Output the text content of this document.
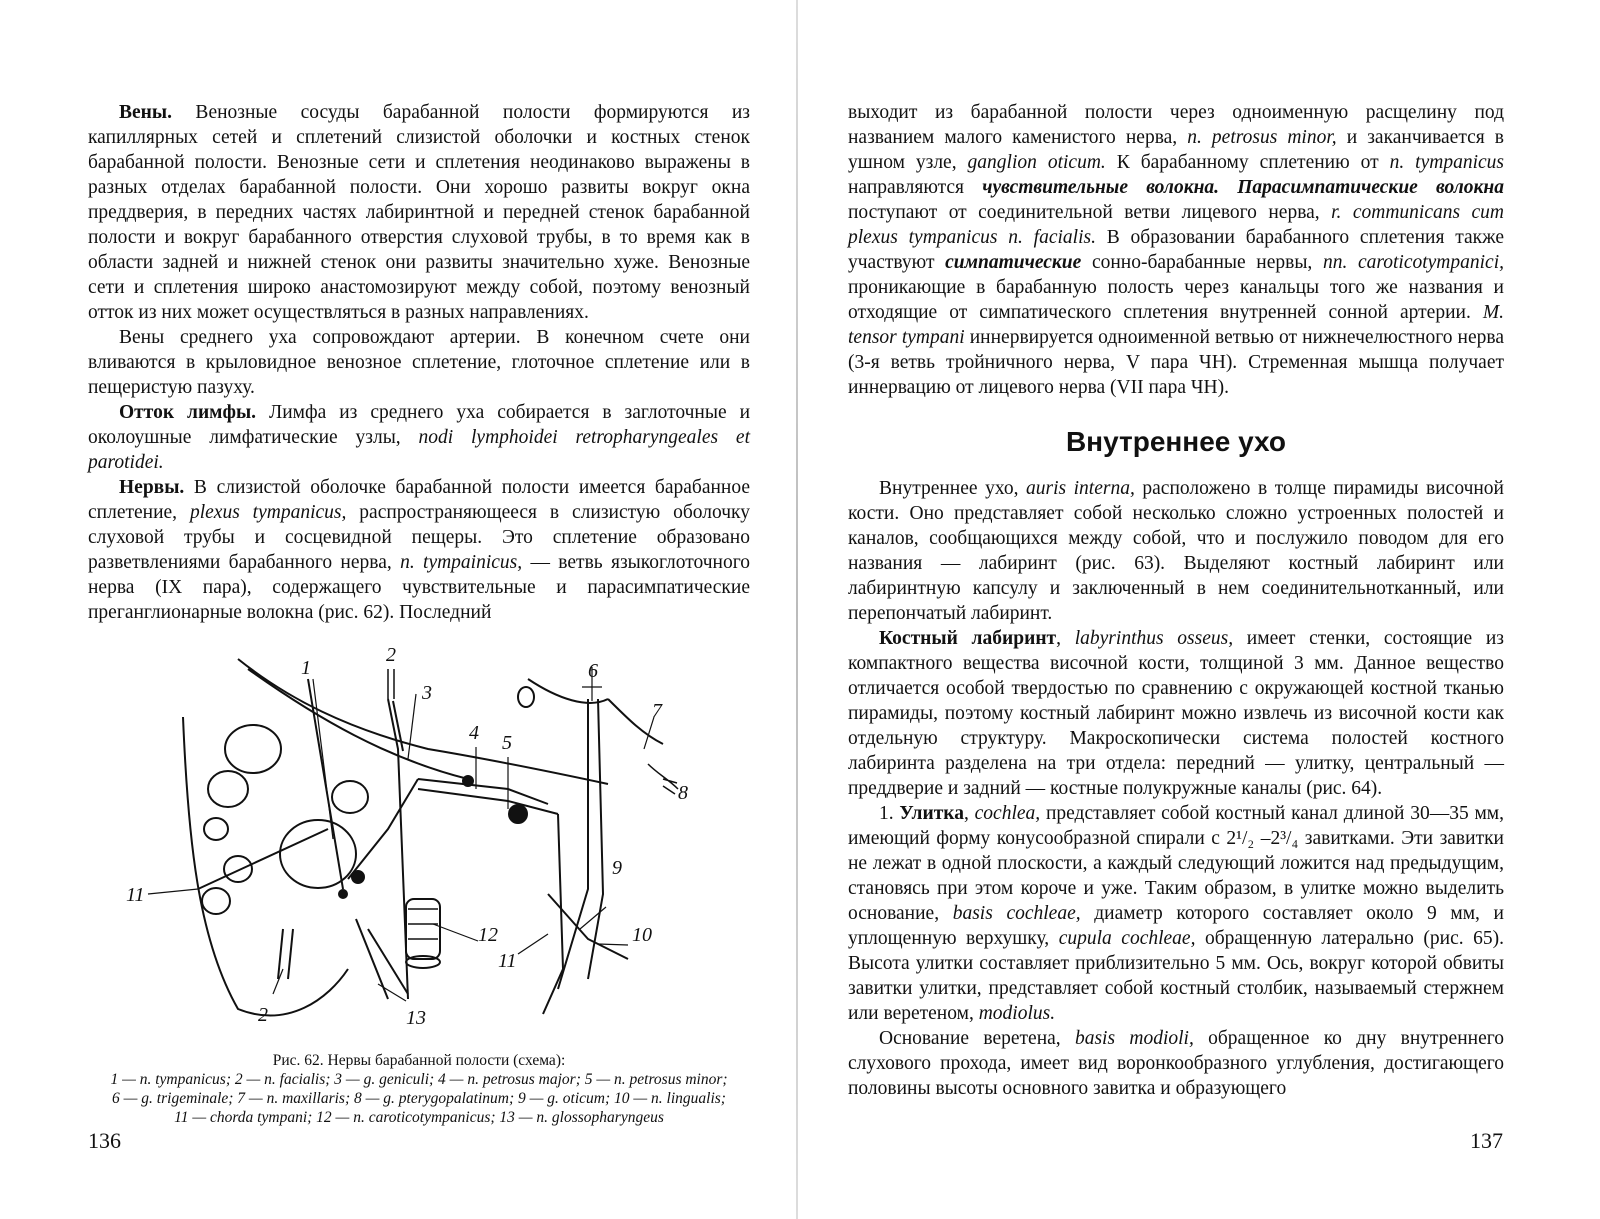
Вены. Венозные сосуды барабанной полости формируются из капиллярных сетей и сплетений слизистой оболочки и костных стенок барабанной полости. Венозные сети и сплетения неодинаково выражены в разных отделах барабанной полости. Они хорошо развиты вокруг окна преддверия, в передних частях лабиринтной и передней стенок барабанной полости и вокруг барабанного отверстия слуховой трубы, в то время как в области задней и нижней стенок они развиты значительно хуже. Венозные сети и сплетения широко анастомозируют между собой, поэтому венозный отток из них может осуществляться в разных направлениях.

Вены среднего уха сопровождают артерии. В конечном счете они вливаются в крыловидное венозное сплетение, глоточное сплетение или в пещеристую пазуху.

Отток лимфы. Лимфа из среднего уха собирается в заглоточные и околоушные лимфатические узлы, nodi lymphoidei retropharyngeales et parotidei.

Нервы. В слизистой оболочке барабанной полости имеется барабанное сплетение, plexus tympanicus, распространяющееся в слизистую оболочку слуховой трубы и сосцевидной пещеры. Это сплетение образовано разветвлениями барабанного нерва, n. tympainicus, — ветвь языкоглоточного нерва (IX пара), содержащего чувствительные и парасимпатические преганглионарные волокна (рис. 62). Последний

1
2
3
4 5
6
7
8
9
10
11
12
2
11
13
Рис. 62. Нервы барабанной полости (схема):
1 — n. tympanicus; 2 — n. facialis; 3 — g. geniculi; 4 — n. petrosus major; 5 — n. petrosus minor;
6 — g. trigeminale; 7 — n. maxillaris; 8 — g. pterygopalatinum; 9 — g. oticum; 10 — n. lingualis;
11 — chorda tympani; 12 — n. caroticotympanicus; 13 — n. glossopharyngeus
136

выходит из барабанной полости через одноименную расщелину под названием малого каменистого нерва, n. petrosus minor, и заканчивается в ушном узле, ganglion oticum. К барабанному сплетению от n. tympanicus направляются чувствительные волокна. Парасимпатические волокна поступают от соединительной ветви лицевого нерва, r. communicans cum plexus tympanicus n. facialis. В образовании барабанного сплетения также участвуют симпатические сонно-барабанные нервы, nn. caroticotympanici, проникающие в барабанную полость через канальцы того же названия и отходящие от симпатического сплетения внутренней сонной артерии. M. tensor tympani иннервируется одноименной ветвью от нижнечелюстного нерва (3-я ветвь тройничного нерва, V пара ЧН). Стременная мышца получает иннервацию от лицевого нерва (VII пара ЧН).

Внутреннее ухо

Внутреннее ухо, auris interna, расположено в толще пирамиды височной кости. Оно представляет собой несколько сложно устроенных полостей и каналов, сообщающихся между собой, что и послужило поводом для его названия — лабиринт (рис. 63). Выделяют костный лабиринт или лабиринтную капсулу и заключенный в нем соединительнотканный, или перепончатый лабиринт.

Костный лабиринт, labyrinthus osseus, имеет стенки, состоящие из компактного вещества височной кости, толщиной 3 мм. Данное вещество отличается особой твердостью по сравнению с окружающей костной тканью пирамиды, поэтому костный лабиринт можно извлечь из височной кости как отдельную структуру. Макроскопически система полостей костного лабиринта разделена на три отдела: передний — улитку, центральный — преддверие и задний — костные полукружные каналы (рис. 64).

1. Улитка, cochlea, представляет собой костный канал длиной 30—35 мм, имеющий форму конусообразной спирали с 2¹/₂ –2³/₄ завитками. Эти завитки не лежат в одной плоскости, а каждый следующий ложится над предыдущим, становясь при этом короче и уже. Таким образом, в улитке можно выделить основание, basis cochleae, диаметр которого составляет около 9 мм, и уплощенную верхушку, cupula cochleae, обращенную латерально (рис. 65). Высота улитки составляет приблизительно 5 мм. Ось, вокруг которой обвиты завитки улитки, представляет собой костный столбик, называемый стержнем или веретеном, modiolus.

Основание веретена, basis modioli, обращенное ко дну внутреннего слухового прохода, имеет вид воронкообразного углубления, достигающего половины высоты основного завитка и образующего

137
